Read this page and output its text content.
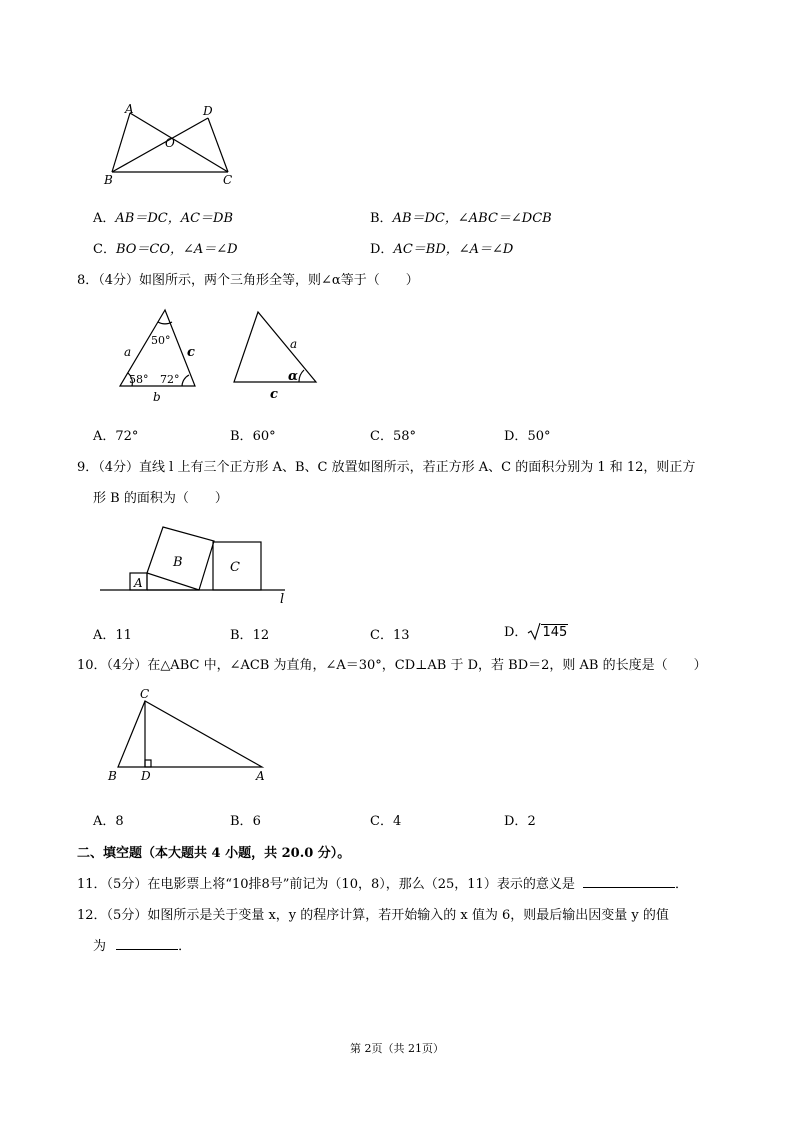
A	D
O
B	C
A．AB＝DC，AC＝DB	B．AB＝DC，∠ABC＝∠DCB
C．BO＝CO，∠A＝∠D	D．AC＝BD，∠A＝∠D
8．（4分）如图所示，两个三角形全等，则∠α等于（　　）
50°
58° 72°
a	c
b
a
α
c
A．72°	B．60°	C．58°	D．50°
9．（4分）直线 l 上有三个正方形 A、B、C 放置如图所示，若正方形 A、C 的面积分别为 1 和 12，则正方
形 B 的面积为（　　）
A
B	C
l
A．11	B．12	C．13	D． 145
10．（4分）在△ABC 中，∠ACB 为直角，∠A＝30°，CD⊥AB 于 D，若 BD＝2，则 AB 的长度是（　　）
C
B D	A
A．8	B．6	C．4	D．2
二、填空题（本大题共 4 小题，共 20.0 分）。
11．（5分）在电影票上将“10排8号”前记为（10，8），那么（25，11）表示的意义是	．
12．（5分）如图所示是关于变量 x，y 的程序计算，若开始输入的 x 值为 6，则最后输出因变量 y 的值
为	．
第 2页（共 21页）
